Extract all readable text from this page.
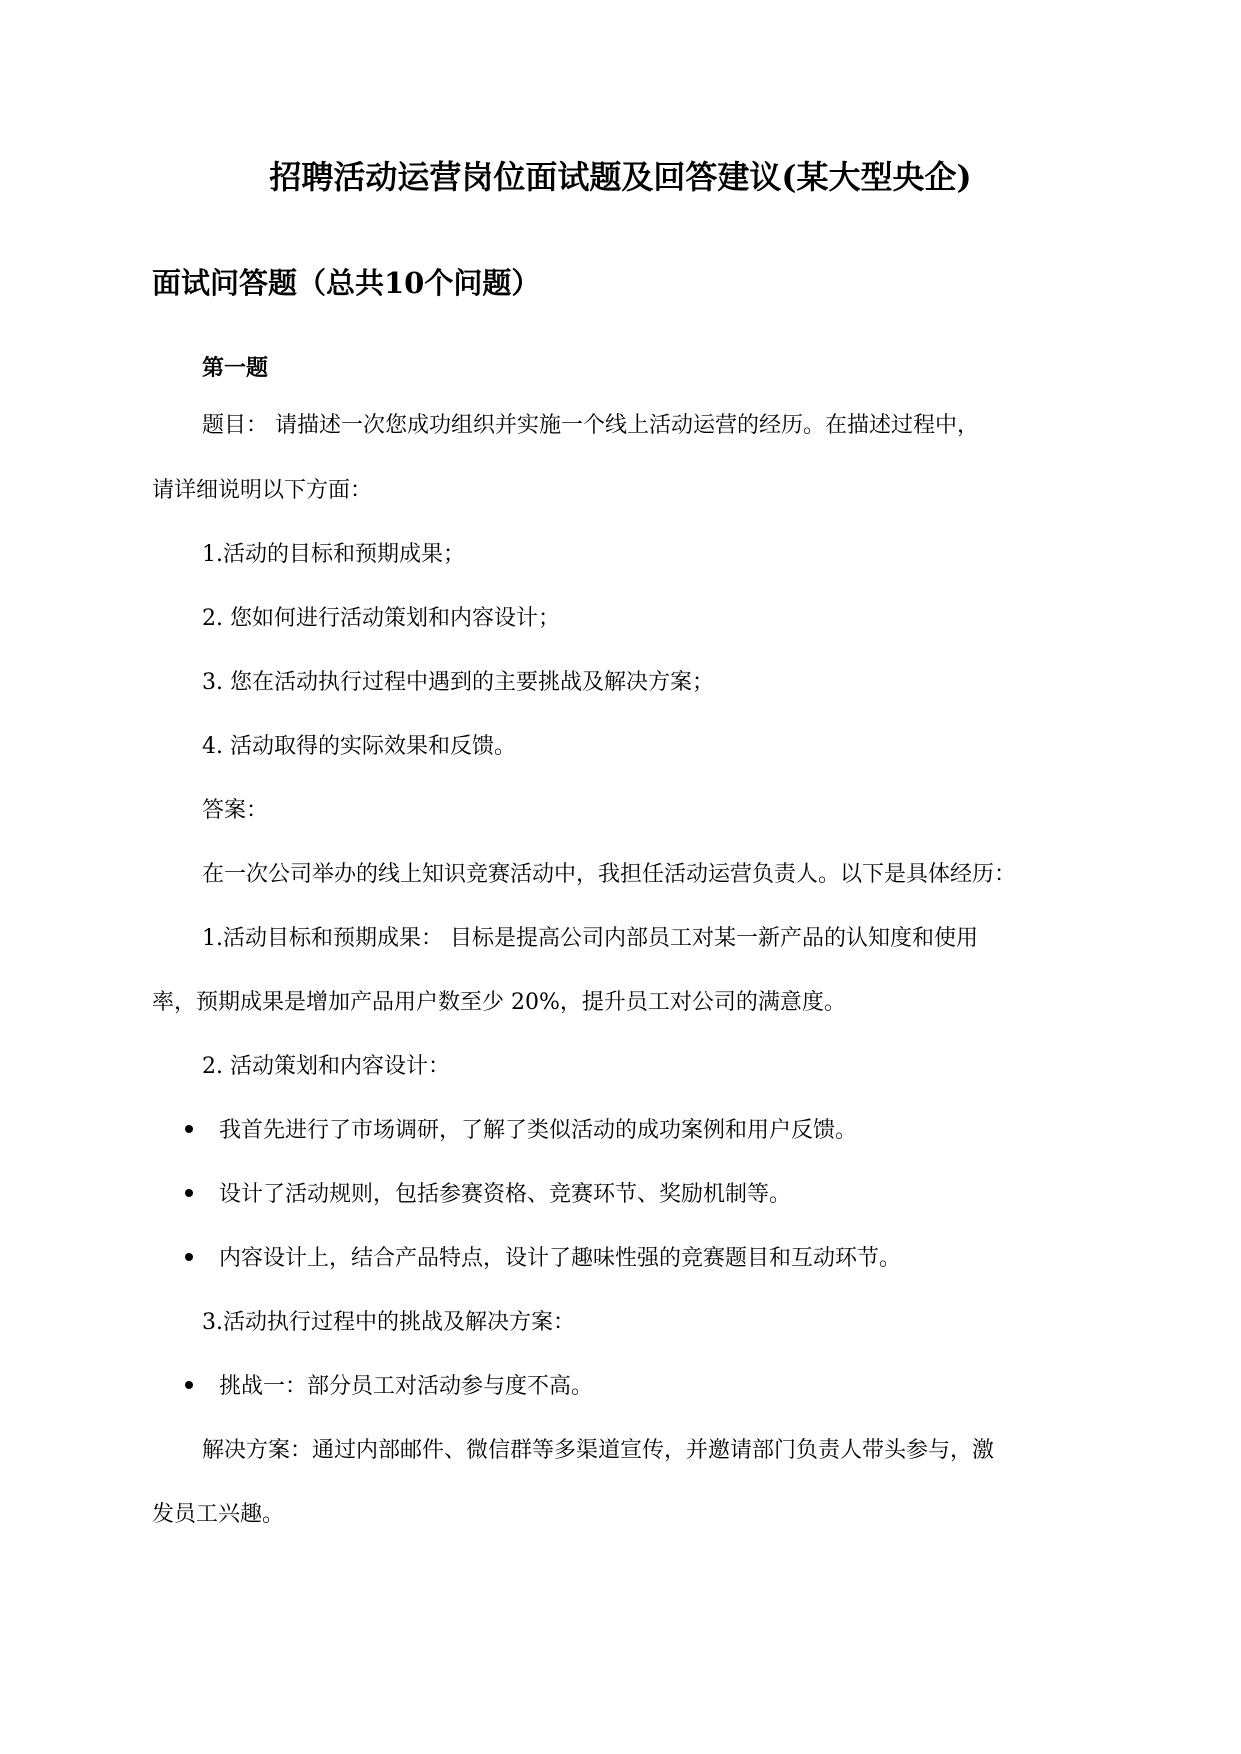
招聘活动运营岗位面试题及回答建议(某大型央企)
面试问答题（总共10个问题）
第一题
题目： 请描述一次您成功组织并实施一个线上活动运营的经历。在描述过程中，
请详细说明以下方面：
1.活动的目标和预期成果；
2. 您如何进行活动策划和内容设计；
3. 您在活动执行过程中遇到的主要挑战及解决方案；
4. 活动取得的实际效果和反馈。
答案：
在一次公司举办的线上知识竞赛活动中，我担任活动运营负责人。以下是具体经历：
1.活动目标和预期成果： 目标是提高公司内部员工对某一新产品的认知度和使用
率，预期成果是增加产品用户数至少 20%，提升员工对公司的满意度。
2. 活动策划和内容设计：
我首先进行了市场调研，了解了类似活动的成功案例和用户反馈。
设计了活动规则，包括参赛资格、竞赛环节、奖励机制等。
内容设计上，结合产品特点，设计了趣味性强的竞赛题目和互动环节。
3.活动执行过程中的挑战及解决方案：
挑战一：部分员工对活动参与度不高。
解决方案：通过内部邮件、微信群等多渠道宣传，并邀请部门负责人带头参与，激
发员工兴趣。
